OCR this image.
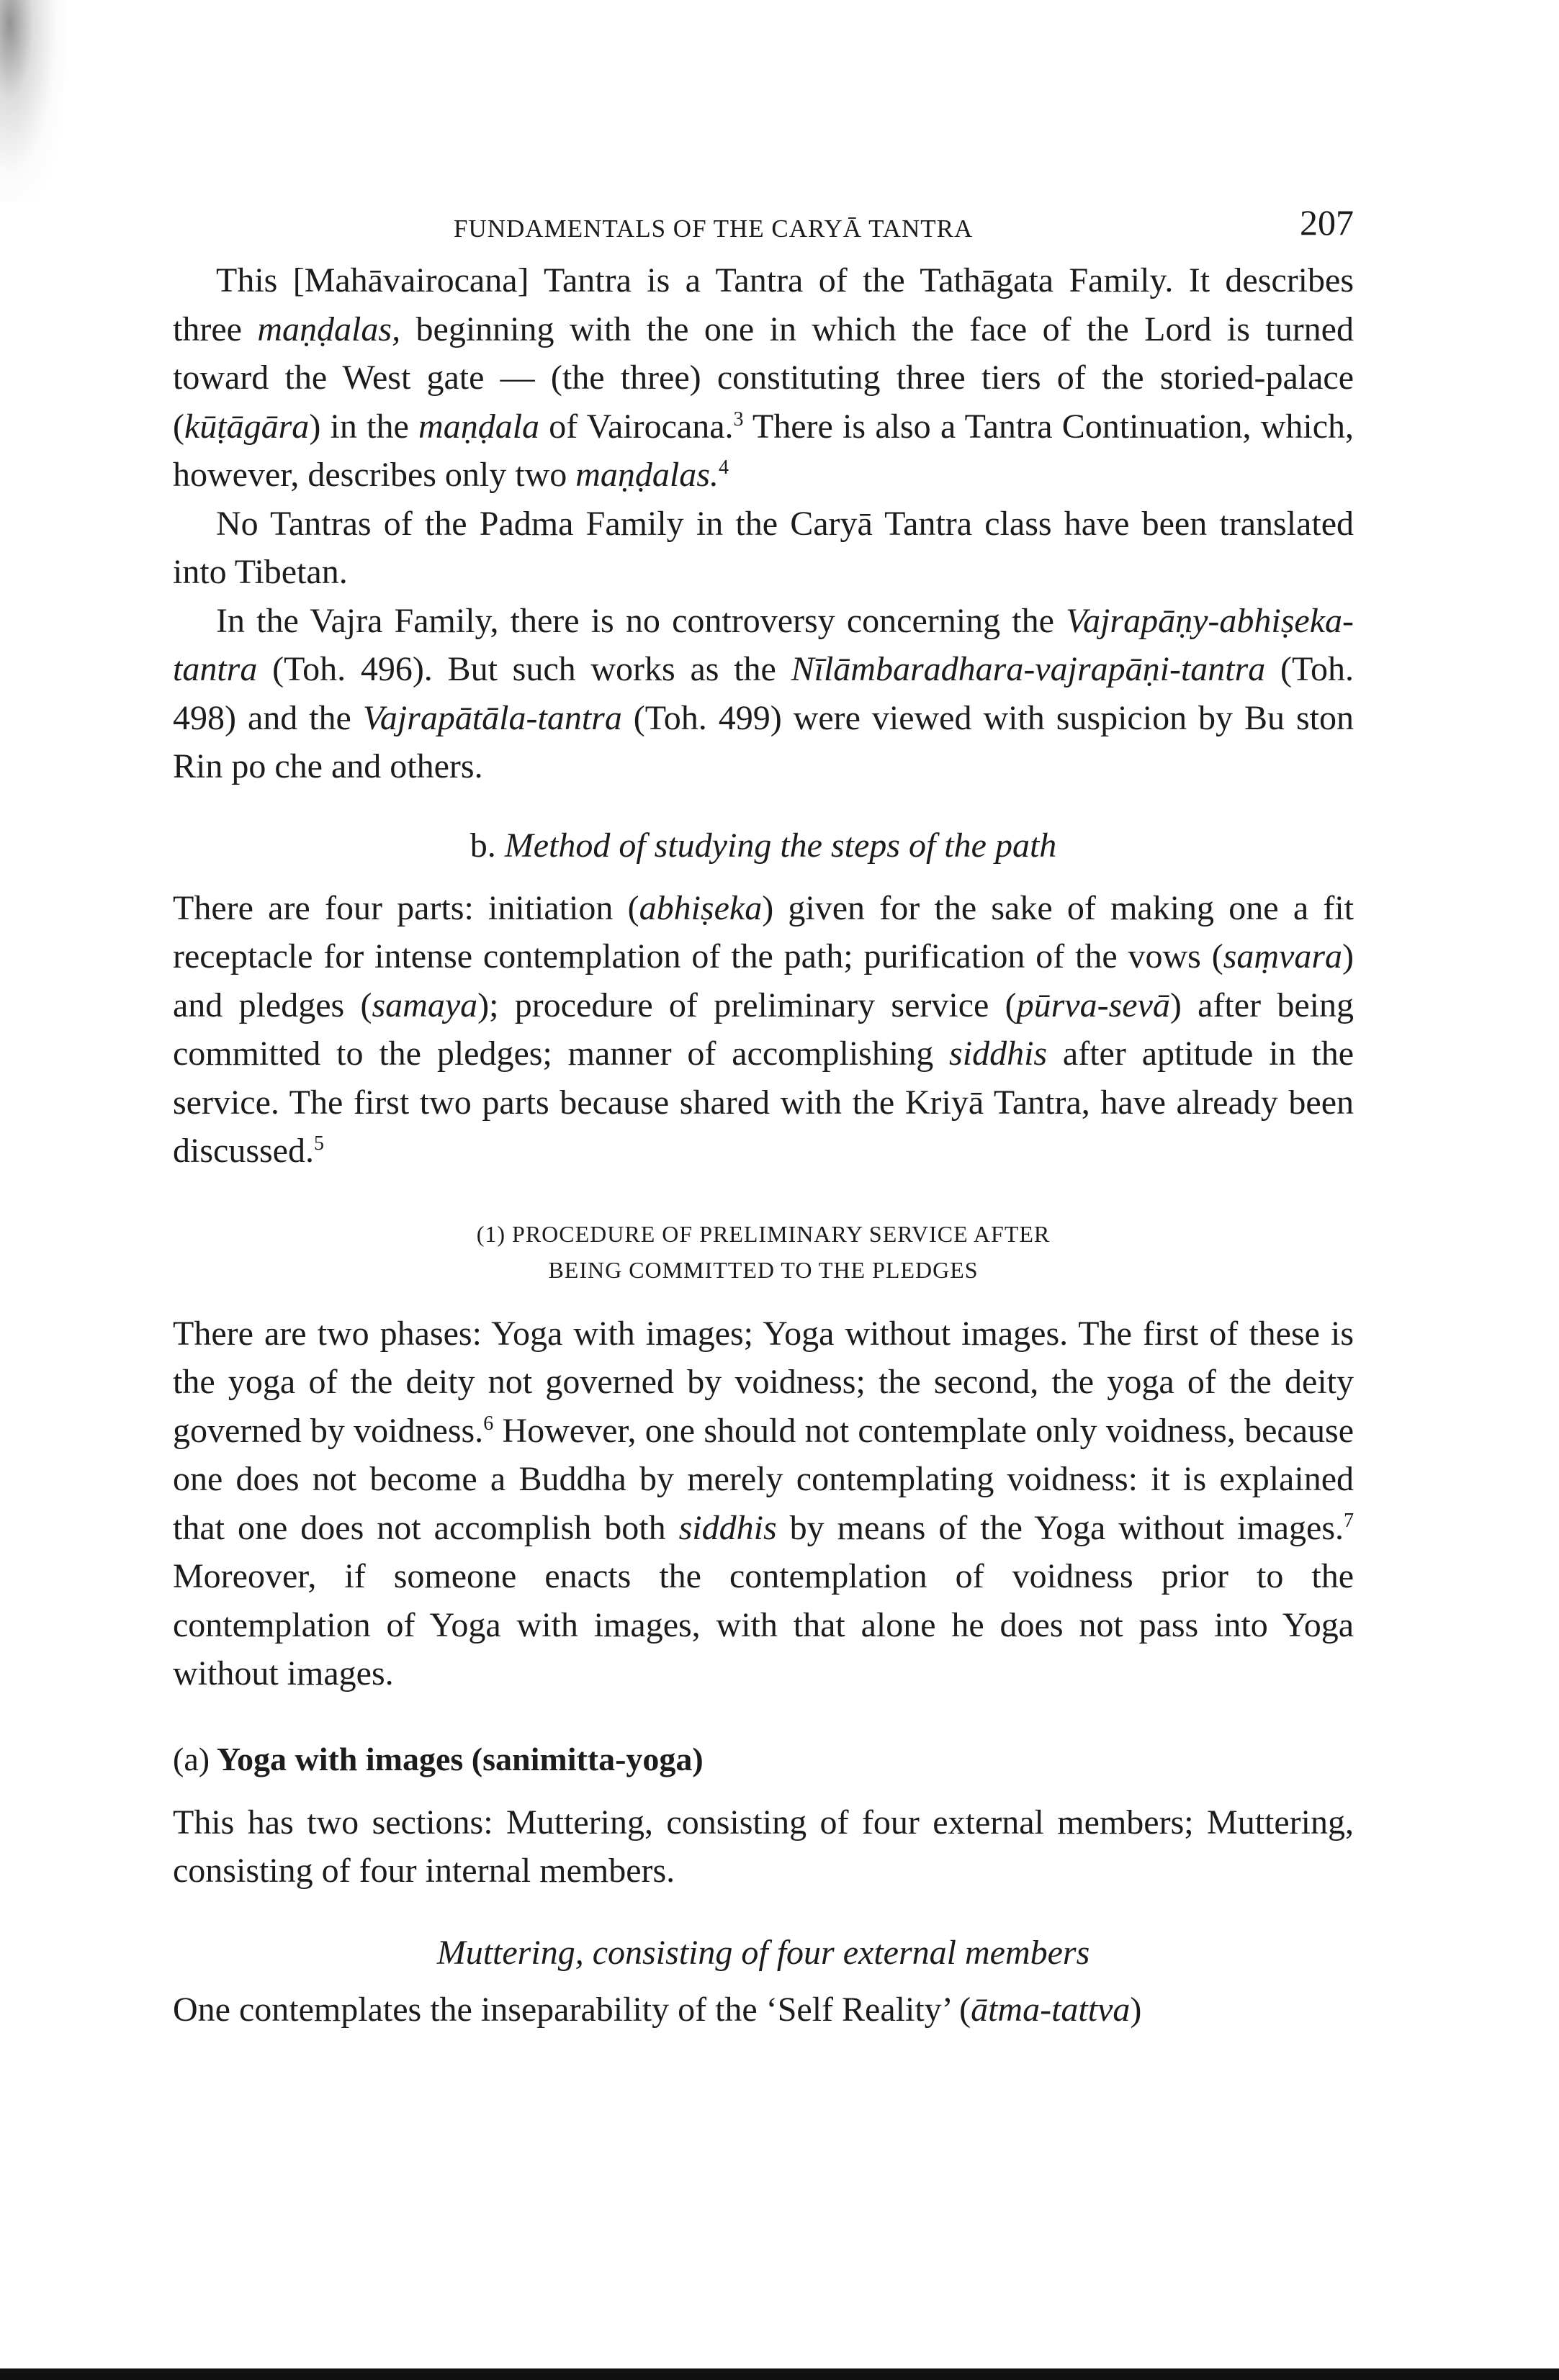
FUNDAMENTALS OF THE CARYĀ TANTRA	207

This [Mahāvairocana] Tantra is a Tantra of the Tathāgata Family. It describes three maṇḍalas, beginning with the one in which the face of the Lord is turned toward the West gate — (the three) constituting three tiers of the storied-palace (kūṭāgāra) in the maṇḍala of Vairocana.$^3$ There is also a Tantra Continuation, which, however, describes only two maṇḍalas.$^4$

No Tantras of the Padma Family in the Caryā Tantra class have been translated into Tibetan.

In the Vajra Family, there is no controversy concerning the Vajrapāṇy-abhiṣeka-tantra (Toh. 496). But such works as the Nīlāmbaradhara-vajrapāṇi-tantra (Toh. 498) and the Vajrapātāla-tantra (Toh. 499) were viewed with suspicion by Bu ston Rin po che and others.

b. Method of studying the steps of the path

There are four parts: initiation (abhiṣeka) given for the sake of making one a fit receptacle for intense contemplation of the path; purification of the vows (saṃvara) and pledges (samaya); procedure of preliminary service (pūrva-sevā) after being committed to the pledges; manner of accomplishing siddhis after aptitude in the service. The first two parts because shared with the Kriyā Tantra, have already been discussed.$^5$

(1) PROCEDURE OF PRELIMINARY SERVICE AFTER

BEING COMMITTED TO THE PLEDGES

There are two phases: Yoga with images; Yoga without images. The first of these is the yoga of the deity not governed by voidness; the second, the yoga of the deity governed by voidness.$^6$ However, one should not contemplate only voidness, because one does not become a Buddha by merely contemplating voidness: it is explained that one does not accomplish both siddhis by means of the Yoga without images.$^7$ Moreover, if someone enacts the contemplation of voidness prior to the contemplation of Yoga with images, with that alone he does not pass into Yoga without images.

(a) Yoga with images (sanimitta-yoga)

This has two sections: Muttering, consisting of four external members; Muttering, consisting of four internal members.

Muttering, consisting of four external members

One contemplates the inseparability of the ‘Self Reality’ (ātma-tattva)
